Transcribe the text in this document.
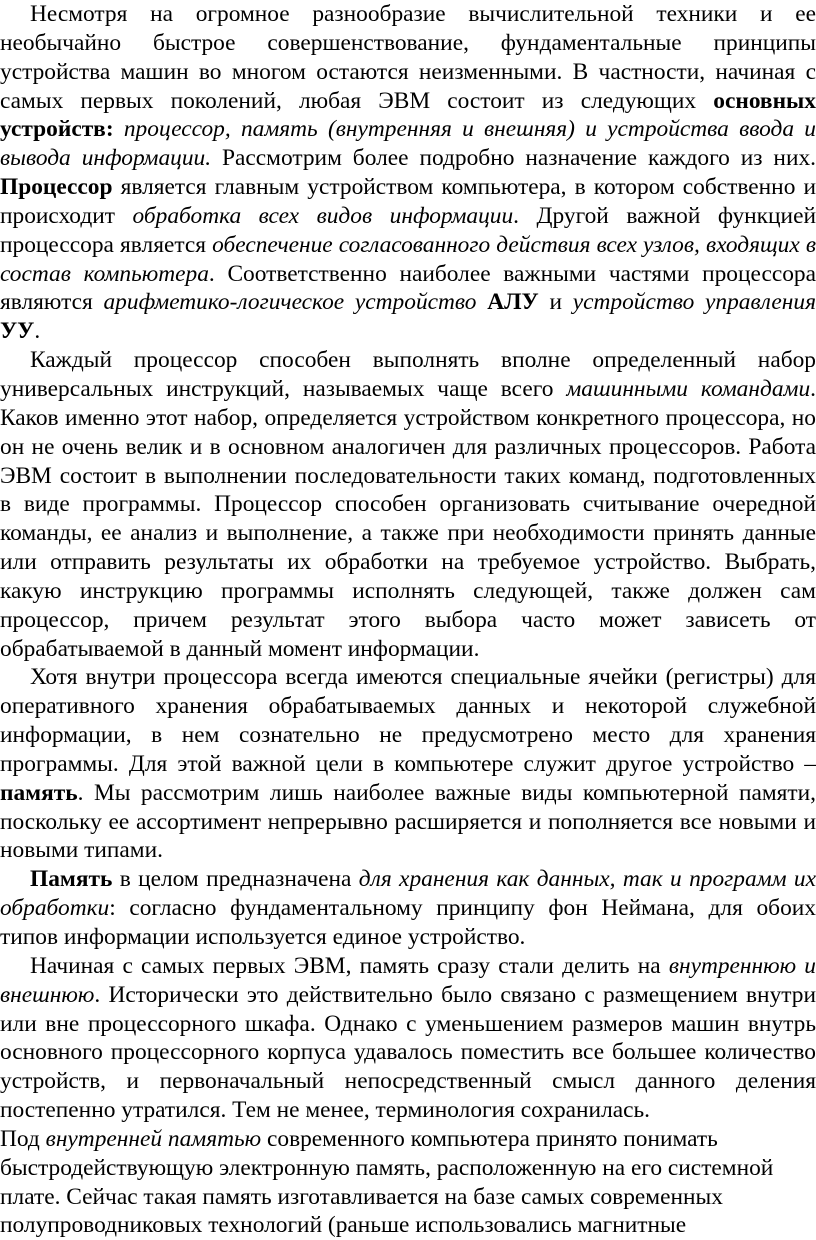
Несмотря на огромное разнообразие вычислительной техники и ее необычайно быстрое совершенствование, фундаментальные принципы устройства машин во многом остаются неизменными. В частности, начиная с самых первых поколений, любая ЭВМ состоит из следующих основных устройств: процессор, память (внутренняя и внешняя) и устройства ввода и вывода информации. Рассмотрим более подробно назначение каждого из них. Процессор является главным устройством компьютера, в котором собственно и происходит обработка всех видов информации. Другой важной функцией процессора является обеспечение согласованного действия всех узлов, входящих в состав компьютера. Соответственно наиболее важными частями процессора являются арифметико-логическое устройство АЛУ и устройство управления УУ.

Каждый процессор способен выполнять вполне определенный набор универсальных инструкций, называемых чаще всего машинными командами. Каков именно этот набор, определяется устройством конкретного процессора, но он не очень велик и в основном аналогичен для различных процессоров. Работа ЭВМ состоит в выполнении последовательности таких команд, подготовленных в виде программы. Процессор способен организовать считывание очередной команды, ее анализ и выполнение, а также при необходимости принять данные или отправить результаты их обработки на требуемое устройство. Выбрать, какую инструкцию программы исполнять следующей, также должен сам процессор, причем результат этого выбора часто может зависеть от обрабатываемой в данный момент информации.

Хотя внутри процессора всегда имеются специальные ячейки (регистры) для оперативного хранения обрабатываемых данных и некоторой служебной информации, в нем сознательно не предусмотрено место для хранения программы. Для этой важной цели в компьютере служит другое устройство – память. Мы рассмотрим лишь наиболее важные виды компьютерной памяти, поскольку ее ассортимент непрерывно расширяется и пополняется все новыми и новыми типами.

Память в целом предназначена для хранения как данных, так и программ их обработки: согласно фундаментальному принципу фон Неймана, для обоих типов информации используется единое устройство.

Начиная с самых первых ЭВМ, память сразу стали делить на внутреннюю и внешнюю. Исторически это действительно было связано с размещением внутри или вне процессорного шкафа. Однако с уменьшением размеров машин внутрь основного процессорного корпуса удавалось поместить все большее количество устройств, и первоначальный непосредственный смысл данного деления постепенно утратился. Тем не менее, терминология сохранилась.

Под внутренней памятью современного компьютера принято понимать быстродействующую электронную память, расположенную на его системной плате. Сейчас такая память изготавливается на базе самых современных полупроводниковых технологий (раньше использовались магнитные
